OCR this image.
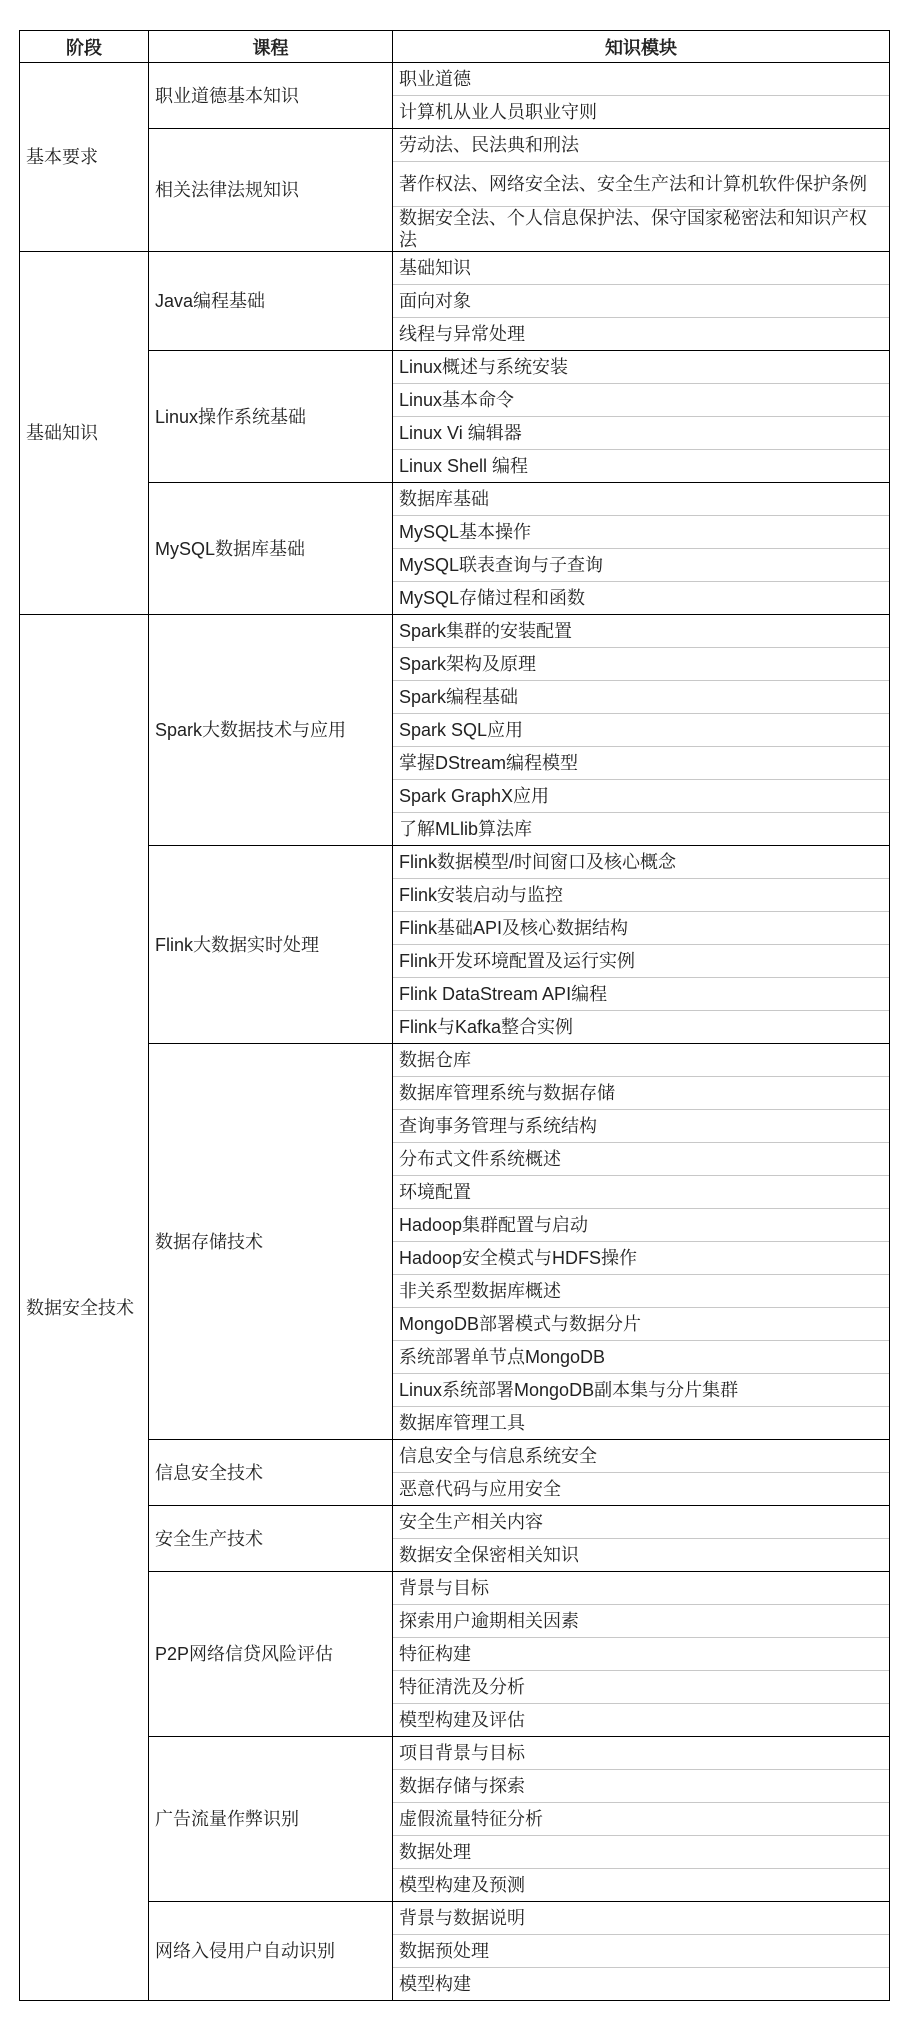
阶段	课程	知识模块
基本要求	职业道德基本知识	职业道德
		计算机从业人员职业守则
	相关法律法规知识	劳动法、民法典和刑法
		著作权法、网络安全法、安全生产法和计算机软件保护条例
		数据安全法、个人信息保护法、保守国家秘密法和知识产权法
基础知识	Java编程基础	基础知识
		面向对象
		线程与异常处理
	Linux操作系统基础	Linux概述与系统安装
		Linux基本命令
		Linux Vi 编辑器
		Linux Shell 编程
	MySQL数据库基础	数据库基础
		MySQL基本操作
		MySQL联表查询与子查询
		MySQL存储过程和函数
数据安全技术	Spark大数据技术与应用	Spark集群的安装配置
		Spark架构及原理
		Spark编程基础
		Spark SQL应用
		掌握DStream编程模型
		Spark GraphX应用
		了解MLlib算法库
	Flink大数据实时处理	Flink数据模型/时间窗口及核心概念
		Flink安装启动与监控
		Flink基础API及核心数据结构
		Flink开发环境配置及运行实例
		Flink DataStream API编程
		Flink与Kafka整合实例
	数据存储技术	数据仓库
		数据库管理系统与数据存储
		查询事务管理与系统结构
		分布式文件系统概述
		环境配置
		Hadoop集群配置与启动
		Hadoop安全模式与HDFS操作
		非关系型数据库概述
		MongoDB部署模式与数据分片
		系统部署单节点MongoDB
		Linux系统部署MongoDB副本集与分片集群
		数据库管理工具
	信息安全技术	信息安全与信息系统安全
		恶意代码与应用安全
	安全生产技术	安全生产相关内容
		数据安全保密相关知识
	P2P网络信贷风险评估	背景与目标
		探索用户逾期相关因素
		特征构建
		特征清洗及分析
		模型构建及评估
	广告流量作弊识别	项目背景与目标
		数据存储与探索
		虚假流量特征分析
		数据处理
		模型构建及预测
	网络入侵用户自动识别	背景与数据说明
		数据预处理
		模型构建
